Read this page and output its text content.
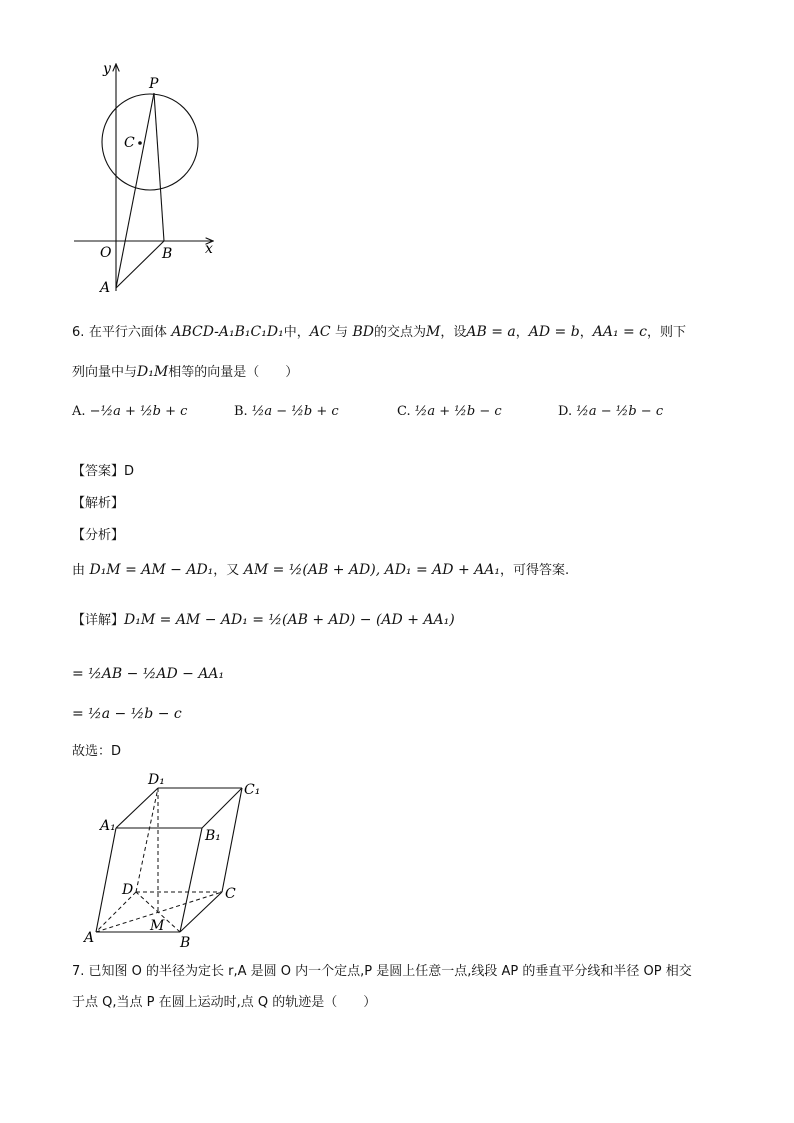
y
x
P
C
O	B
A
6. 在平行六面体 ABCD-A₁B₁C₁D₁中，AC 与 BD的交点为M，设AB = a，AD = b，AA₁ = c，则下
列向量中与D₁M相等的向量是（　　）
A. −½a + ½b + c	B. ½a − ½b + c	C. ½a + ½b − c	D. ½a − ½b − c
【答案】D
【解析】
【分析】
由 D₁M = AM − AD₁，又 AM = ½(AB + AD), AD₁ = AD + AA₁，可得答案.
【详解】D₁M = AM − AD₁ = ½(AB + AD) − (AD + AA₁)
= ½AB − ½AD − AA₁
= ½a − ½b − c
故选：D
D₁
C₁
A₁
B₁
D	C
M
A	B
7. 已知图 O 的半径为定长 r,A 是圆 O 内一个定点,P 是圆上任意一点,线段 AP 的垂直平分线和半径 OP 相交
于点 Q,当点 P 在圆上运动时,点 Q 的轨迹是（　　）
